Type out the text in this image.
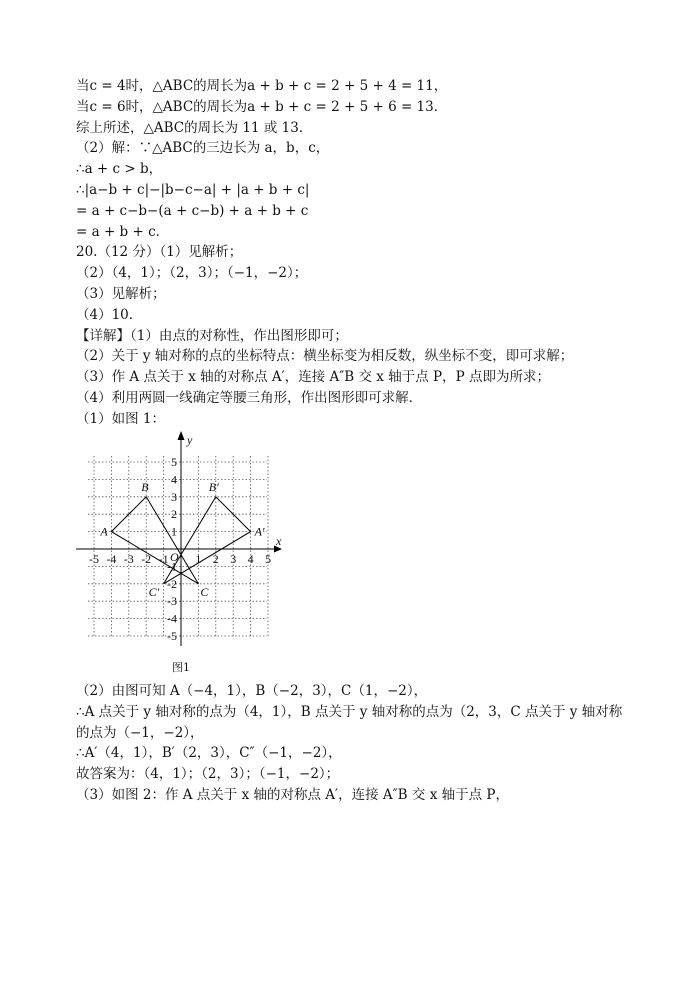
当c = 4时，△ABC的周长为a + b + c = 2 + 5 + 4 = 11，
当c = 6时，△ABC的周长为a + b + c = 2 + 5 + 6 = 13．
综上所述，△ABC的周长为 11 或 13．
（2）解：∵△ABC的三边长为 a，b，c，
∴a + c > b，
∴|a−b + c|−|b−c−a| + |a + b + c|
= a + c−b−(a + c−b) + a + b + c
= a + b + c．
20.（12 分）（1）见解析；
（2）（4，1）；（2，3）；（−1，−2）；
（3）见解析；
（4）10．
【详解】（1）由点的对称性，作出图形即可；
（2）关于 y 轴对称的点的坐标特点：横坐标变为相反数，纵坐标不变，即可求解；
（3）作 A 点关于 x 轴的对称点 A′，连接 A″B 交 x 轴于点 P，P 点即为所求；
（4）利用两圆一线确定等腰三角形，作出图形即可求解．
（1）如图 1：
-5 -4 -3 -2 -1 1 2 3 4 5
5
4
3
2
1
-1
-2
-3
-4
-5
O
x
y
A
B
C
A′
B′
C′
图1
（2）由图可知 A（−4，1），B（−2，3），C（1，−2），
∴A 点关于 y 轴对称的点为（4，1），B 点关于 y 轴对称的点为（2，3，C 点关于 y 轴对称
的点为（−1，−2），
∴A′（4，1），B′（2，3），C″（−1，−2），
故答案为：（4，1）；（2，3）；（−1，−2）；
（3）如图 2：作 A 点关于 x 轴的对称点 A′，连接 A″B 交 x 轴于点 P，
